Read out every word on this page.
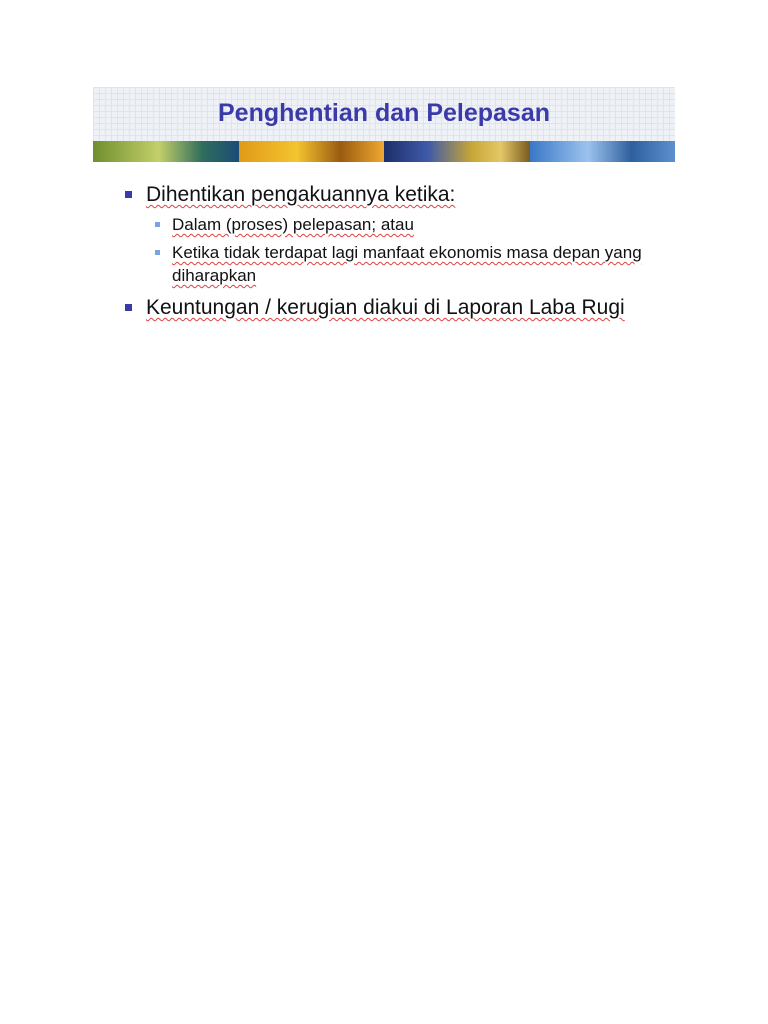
Penghentian dan Pelepasan
Dihentikan pengakuannya ketika:
Dalam (proses) pelepasan; atau
Ketika tidak terdapat lagi manfaat ekonomis masa depan yang diharapkan
Keuntungan / kerugian diakui di Laporan Laba Rugi
